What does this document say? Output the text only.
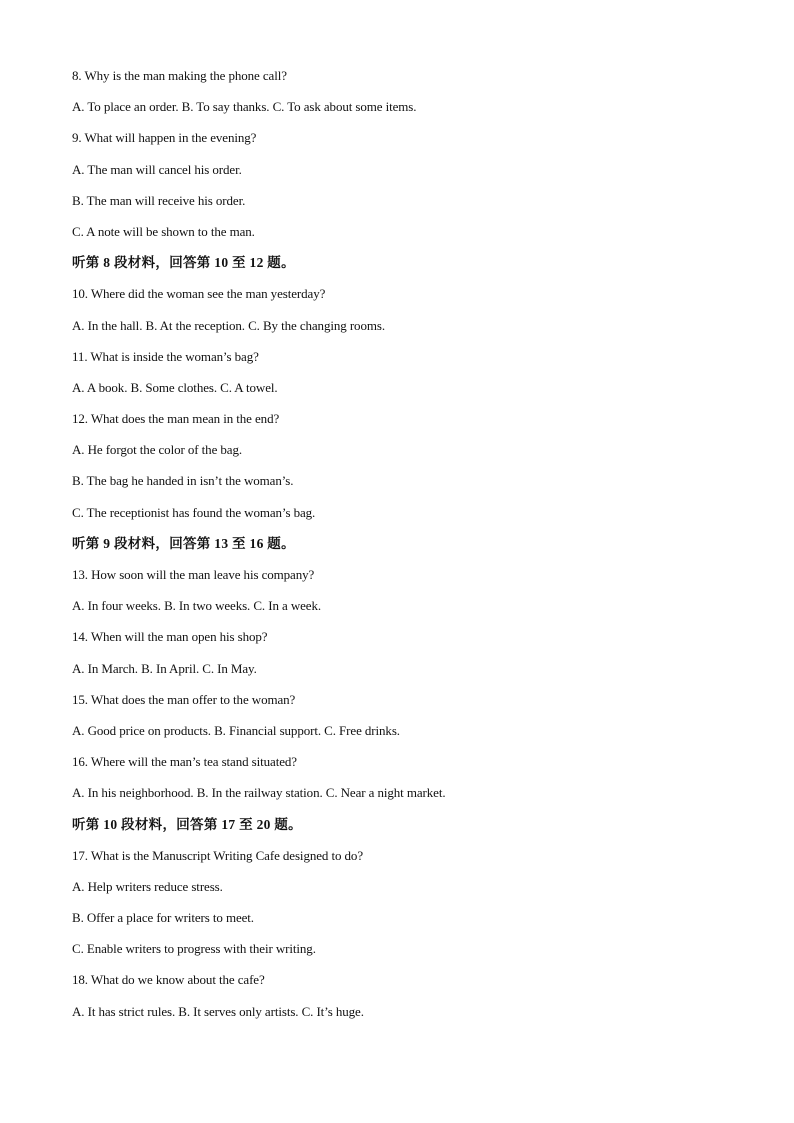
8. Why is the man making the phone call?
A. To place an order. B. To say thanks. C. To ask about some items.
9. What will happen in the evening?
A. The man will cancel his order.
B. The man will receive his order.
C. A note will be shown to the man.
听第 8 段材料，回答第 10 至 12 题。
10. Where did the woman see the man yesterday?
A. In the hall. B. At the reception. C. By the changing rooms.
11. What is inside the woman’s bag?
A. A book. B. Some clothes. C. A towel.
12. What does the man mean in the end?
A. He forgot the color of the bag.
B. The bag he handed in isn’t the woman’s.
C. The receptionist has found the woman’s bag.
听第 9 段材料，回答第 13 至 16 题。
13. How soon will the man leave his company?
A. In four weeks. B. In two weeks. C. In a week.
14. When will the man open his shop?
A. In March. B. In April. C. In May.
15. What does the man offer to the woman?
A. Good price on products. B. Financial support. C. Free drinks.
16. Where will the man’s tea stand situated?
A. In his neighborhood. B. In the railway station. C. Near a night market.
听第 10 段材料，回答第 17 至 20 题。
17. What is the Manuscript Writing Cafe designed to do?
A. Help writers reduce stress.
B. Offer a place for writers to meet.
C. Enable writers to progress with their writing.
18. What do we know about the cafe?
A. It has strict rules. B. It serves only artists. C. It’s huge.
